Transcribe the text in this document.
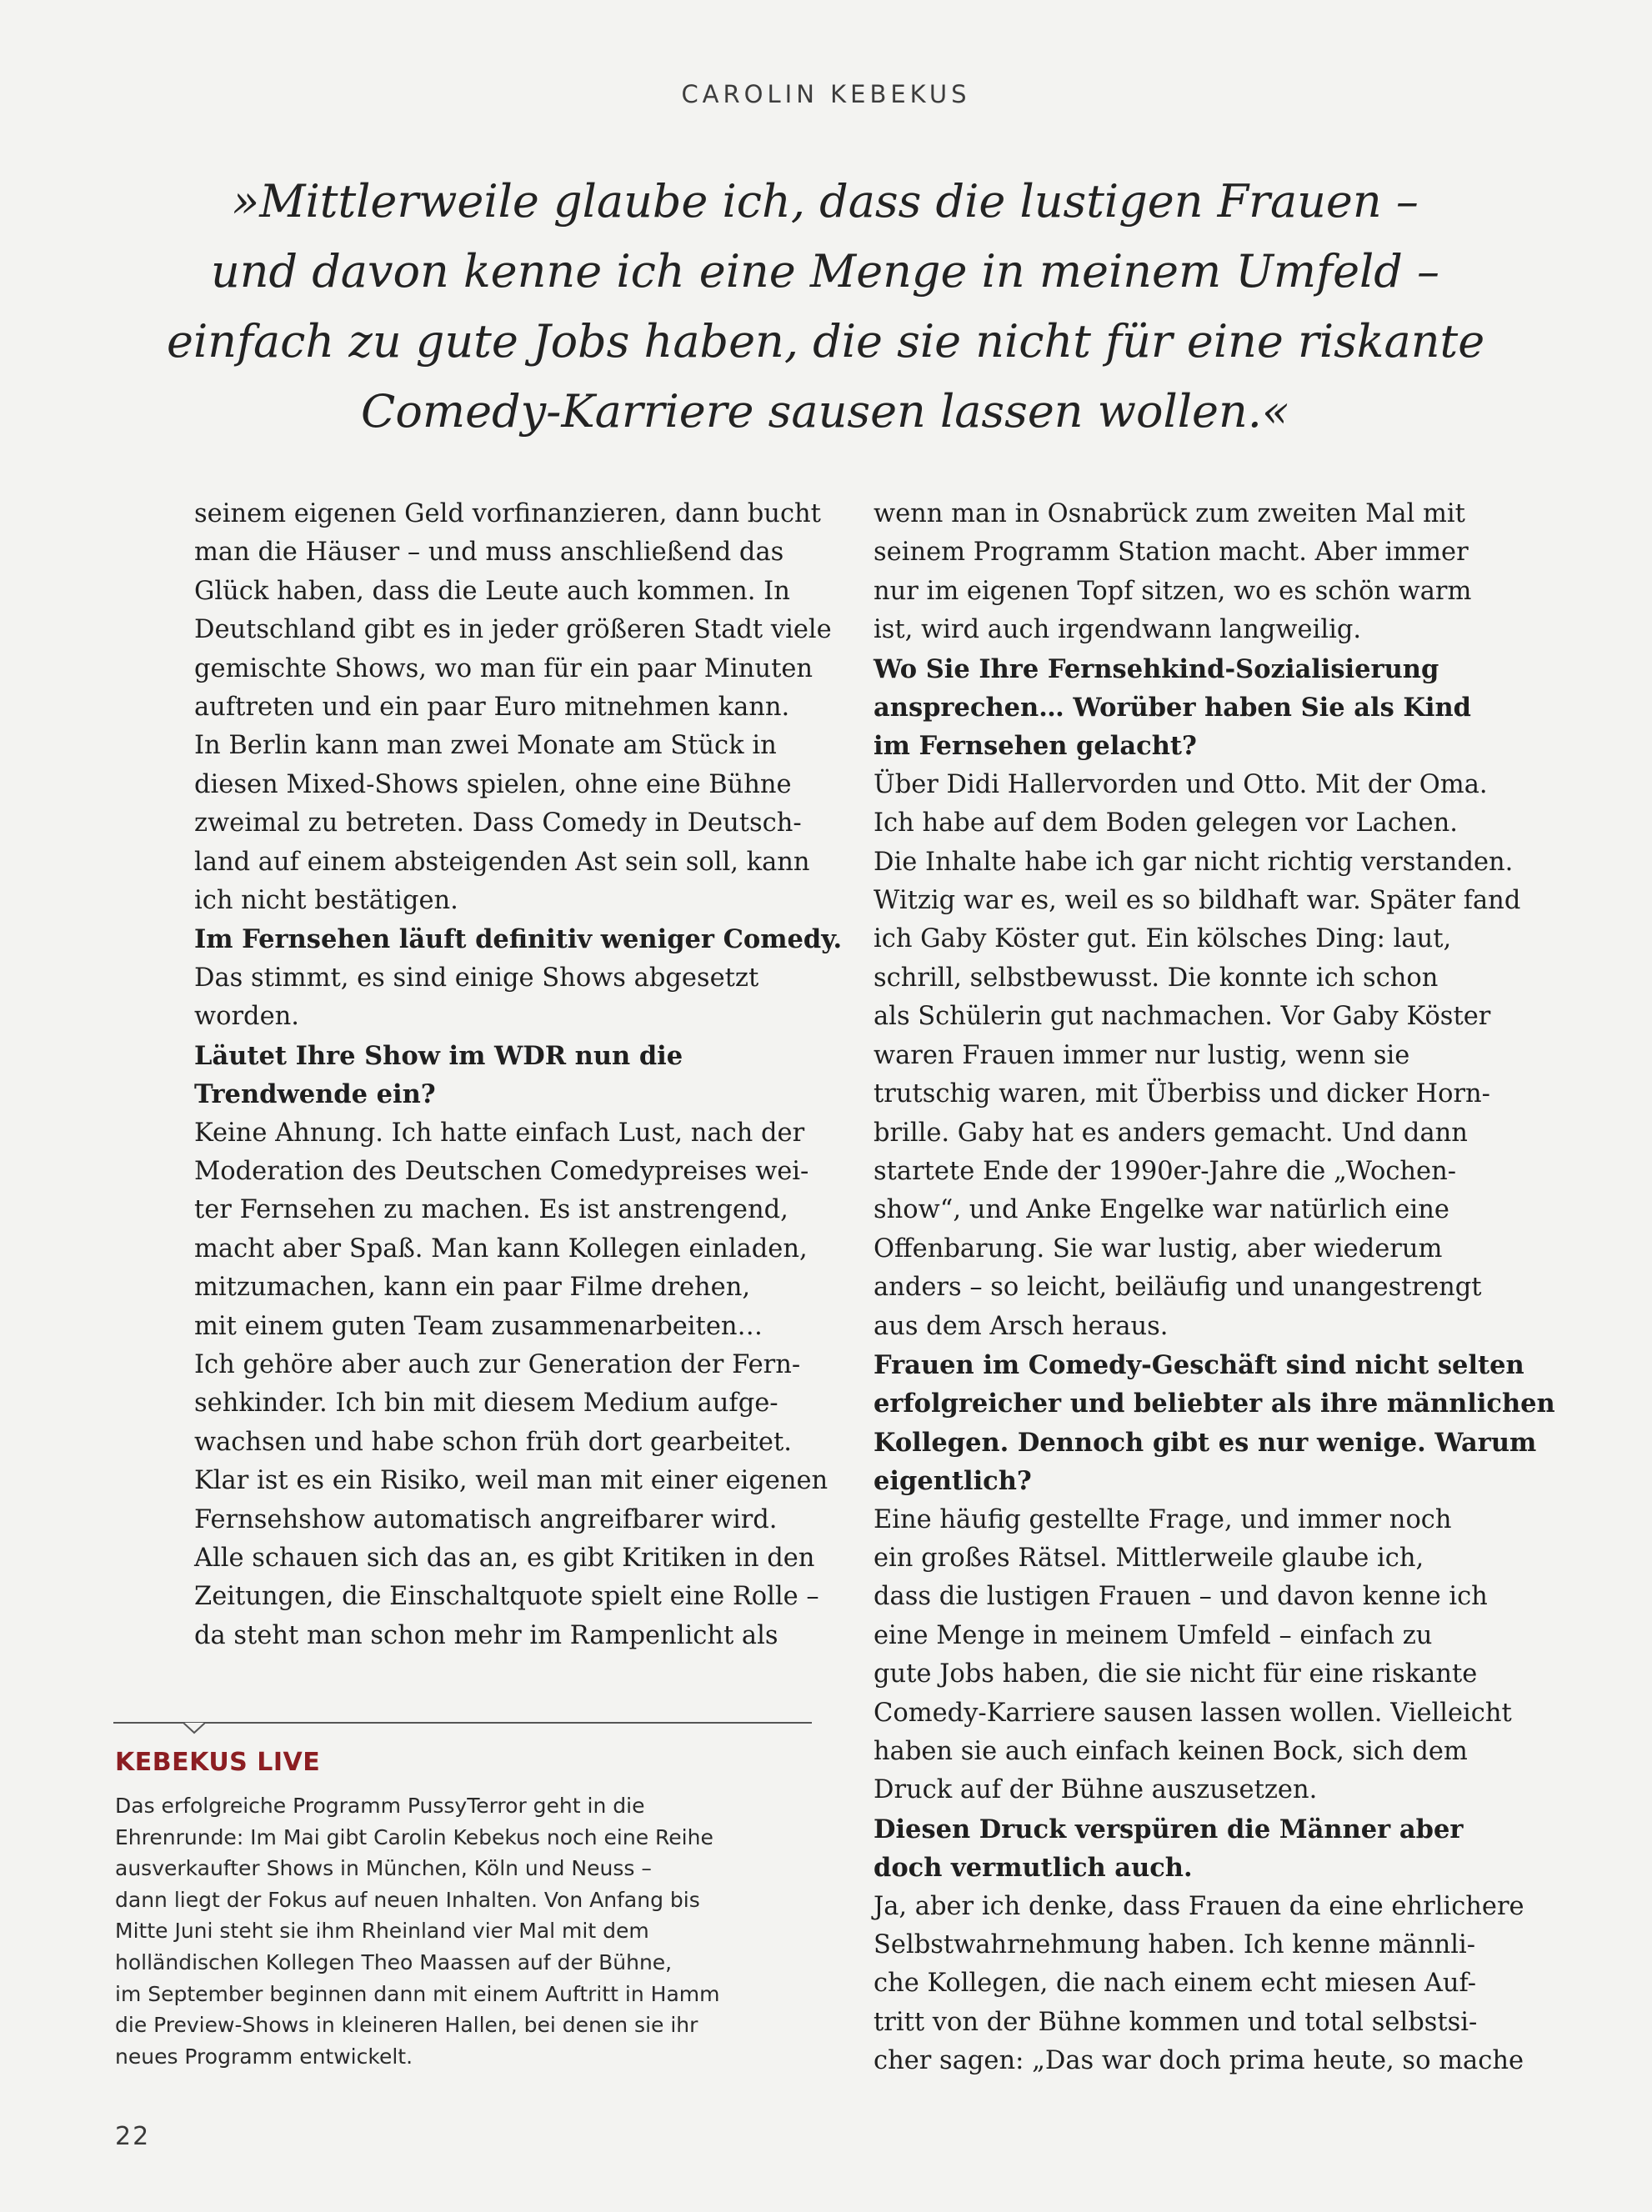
CAROLIN KEBEKUS
»Mittlerweile glaube ich, dass die lustigen Frauen –
und davon kenne ich eine Menge in meinem Umfeld –
einfach zu gute Jobs haben, die sie nicht für eine riskante
Comedy-Karriere sausen lassen wollen.«
seinem eigenen Geld vorfinanzieren, dann bucht
man die Häuser – und muss anschließend das
Glück haben, dass die Leute auch kommen. In
Deutschland gibt es in jeder größeren Stadt viele
gemischte Shows, wo man für ein paar Minuten
auftreten und ein paar Euro mitnehmen kann.
In Berlin kann man zwei Monate am Stück in
diesen Mixed-Shows spielen, ohne eine Bühne
zweimal zu betreten. Dass Comedy in Deutsch-
land auf einem absteigenden Ast sein soll, kann
ich nicht bestätigen.
Im Fernsehen läuft definitiv weniger Comedy.
Das stimmt, es sind einige Shows abgesetzt
worden.
Läutet Ihre Show im WDR nun die
Trendwende ein?
Keine Ahnung. Ich hatte einfach Lust, nach der
Moderation des Deutschen Comedypreises wei-
ter Fernsehen zu machen. Es ist anstrengend,
macht aber Spaß. Man kann Kollegen einladen,
mitzumachen, kann ein paar Filme drehen,
mit einem guten Team zusammenarbeiten…
Ich gehöre aber auch zur Generation der Fern-
sehkinder. Ich bin mit diesem Medium aufge-
wachsen und habe schon früh dort gearbeitet.
Klar ist es ein Risiko, weil man mit einer eigenen
Fernsehshow automatisch angreifbarer wird.
Alle schauen sich das an, es gibt Kritiken in den
Zeitungen, die Einschaltquote spielt eine Rolle –
da steht man schon mehr im Rampenlicht als
wenn man in Osnabrück zum zweiten Mal mit
seinem Programm Station macht. Aber immer
nur im eigenen Topf sitzen, wo es schön warm
ist, wird auch irgendwann langweilig.
Wo Sie Ihre Fernsehkind-Sozialisierung
ansprechen… Worüber haben Sie als Kind
im Fernsehen gelacht?
Über Didi Hallervorden und Otto. Mit der Oma.
Ich habe auf dem Boden gelegen vor Lachen.
Die Inhalte habe ich gar nicht richtig verstanden.
Witzig war es, weil es so bildhaft war. Später fand
ich Gaby Köster gut. Ein kölsches Ding: laut,
schrill, selbstbewusst. Die konnte ich schon
als Schülerin gut nachmachen. Vor Gaby Köster
waren Frauen immer nur lustig, wenn sie
trutschig waren, mit Überbiss und dicker Horn-
brille. Gaby hat es anders gemacht. Und dann
startete Ende der 1990er-Jahre die „Wochen-
show“, und Anke Engelke war natürlich eine
Offenbarung. Sie war lustig, aber wiederum
anders – so leicht, beiläufig und unangestrengt
aus dem Arsch heraus.
Frauen im Comedy-Geschäft sind nicht selten
erfolgreicher und beliebter als ihre männlichen
Kollegen. Dennoch gibt es nur wenige. Warum
eigentlich?
Eine häufig gestellte Frage, und immer noch
ein großes Rätsel. Mittlerweile glaube ich,
dass die lustigen Frauen – und davon kenne ich
eine Menge in meinem Umfeld – einfach zu
gute Jobs haben, die sie nicht für eine riskante
Comedy-Karriere sausen lassen wollen. Vielleicht
haben sie auch einfach keinen Bock, sich dem
Druck auf der Bühne auszusetzen.
Diesen Druck verspüren die Männer aber
doch vermutlich auch.
Ja, aber ich denke, dass Frauen da eine ehrlichere
Selbstwahrnehmung haben. Ich kenne männli-
che Kollegen, die nach einem echt miesen Auf-
tritt von der Bühne kommen und total selbstsi-
cher sagen: „Das war doch prima heute, so mache
KEBEKUS LIVE
Das erfolgreiche Programm PussyTerror geht in die
Ehrenrunde: Im Mai gibt Carolin Kebekus noch eine Reihe
ausverkaufter Shows in München, Köln und Neuss –
dann liegt der Fokus auf neuen Inhalten. Von Anfang bis
Mitte Juni steht sie ihm Rheinland vier Mal mit dem
holländischen Kollegen Theo Maassen auf der Bühne,
im September beginnen dann mit einem Auftritt in Hamm
die Preview-Shows in kleineren Hallen, bei denen sie ihr
neues Programm entwickelt.
22
